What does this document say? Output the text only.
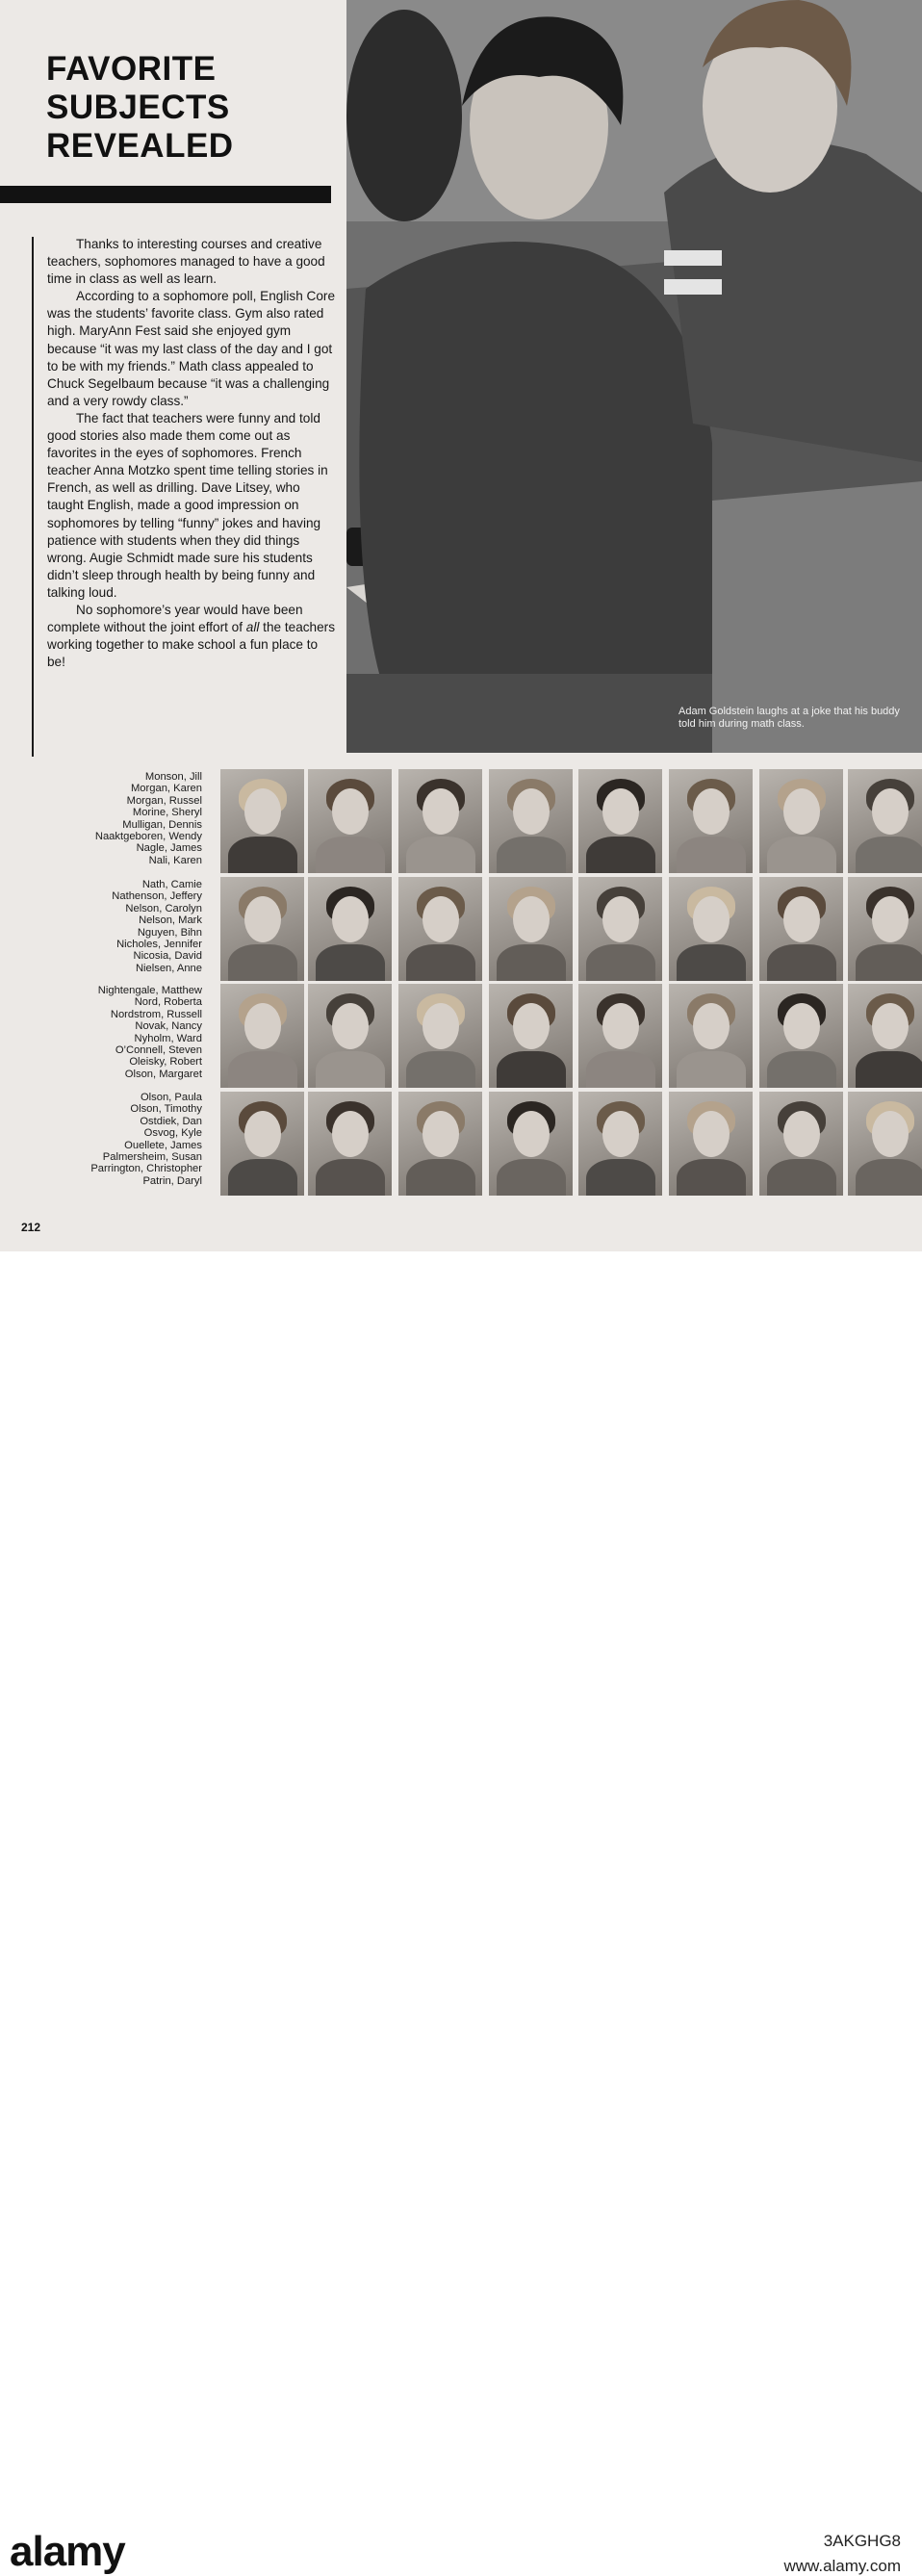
FAVORITE
SUBJECTS
REVEALED

Thanks to interesting courses and creative teachers, sophomores managed to have a good time in class as well as learn.

According to a sophomore poll, English Core was the students’ favorite class. Gym also rated high. MaryAnn Fest said she enjoyed gym because “it was my last class of the day and I got to be with my friends.” Math class appealed to Chuck Segelbaum because “it was a challenging and a very rowdy class.”

The fact that teachers were funny and told good stories also made them come out as favorites in the eyes of sophomores. French teacher Anna Motzko spent time telling stories in French, as well as drilling. Dave Litsey, who taught English, made a good impression on sophomores by telling “funny” jokes and having patience with students when they did things wrong. Augie Schmidt made sure his students didn’t sleep through health by being funny and talking loud.

No sophomore’s year would have been complete without the joint effort of all the teachers working together to make school a fun place to be!

Adam Goldstein laughs at a joke that his buddy told him during math class.
Monson, Jill
Morgan, Karen
Morgan, Russel
Morine, Sheryl
Mulligan, Dennis
Naaktgeboren, Wendy
Nagle, James
Nali, Karen
Nath, Camie
Nathenson, Jeffery
Nelson, Carolyn
Nelson, Mark
Nguyen, Bihn
Nicholes, Jennifer
Nicosia, David
Nielsen, Anne
Nightengale, Matthew
Nord, Roberta
Nordstrom, Russell
Novak, Nancy
Nyholm, Ward
O’Connell, Steven
Oleisky, Robert
Olson, Margaret
Olson, Paula
Olson, Timothy
Ostdiek, Dan
Osvog, Kyle
Ouellete, James
Palmersheim, Susan
Parrington, Christopher
Patrin, Daryl
212
alamy	3AKGHG8
www.alamy.com
